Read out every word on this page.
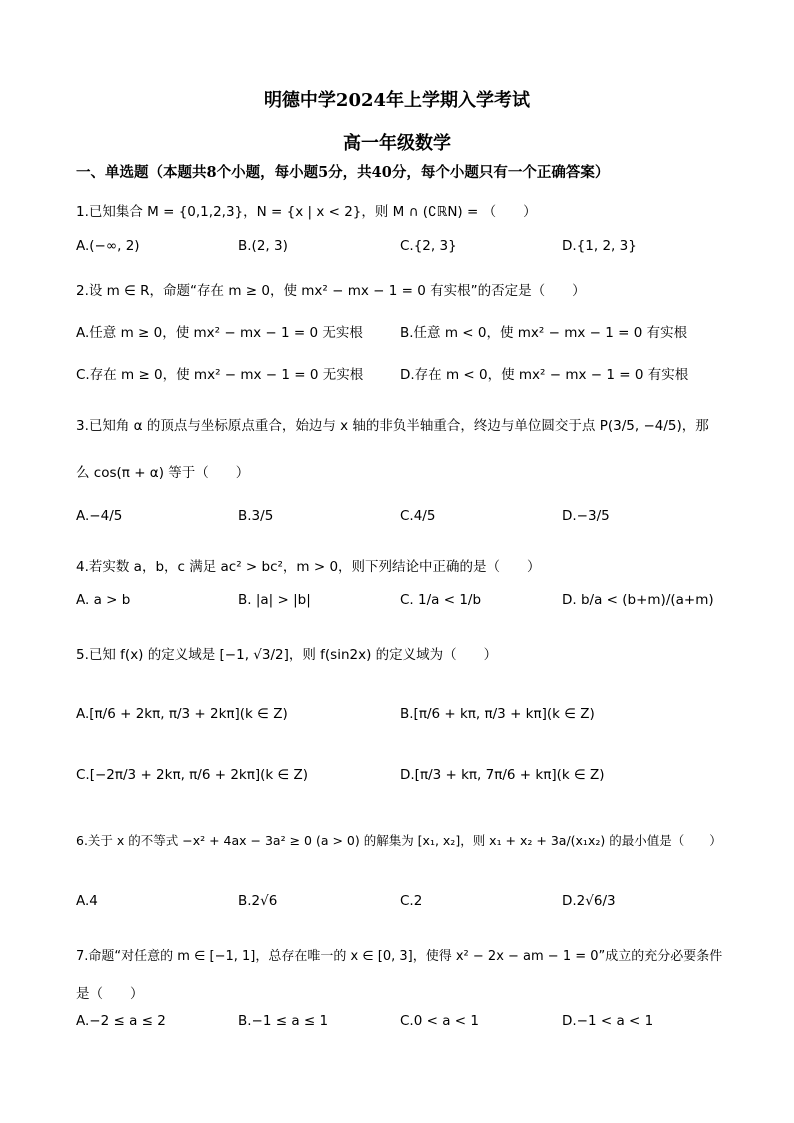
明德中学2024年上学期入学考试
高一年级数学
一、单选题（本题共8个小题，每小题5分，共40分，每个小题只有一个正确答案）
1.已知集合 M = {0,1,2,3}，N = {x | x < 2}，则 M ∩ (∁ℝN) = （　　）
A.(−∞, 2)	B.(2, 3)	C.{2, 3}	D.{1, 2, 3}
2.设 m ∈ R，命题“存在 m ≥ 0，使 mx² − mx − 1 = 0 有实根”的否定是（　　）
A.任意 m ≥ 0，使 mx² − mx − 1 = 0 无实根	B.任意 m < 0，使 mx² − mx − 1 = 0 有实根
C.存在 m ≥ 0，使 mx² − mx − 1 = 0 无实根	D.存在 m < 0，使 mx² − mx − 1 = 0 有实根
3.已知角 α 的顶点与坐标原点重合，始边与 x 轴的非负半轴重合，终边与单位圆交于点 P(3/5, −4/5)，那
么 cos(π + α) 等于（　　）
A.−4/5	B.3/5	C.4/5	D.−3/5
4.若实数 a，b，c 满足 ac² > bc²，m > 0，则下列结论中正确的是（　　）
A. a > b	B. |a| > |b|	C. 1/a < 1/b	D. b/a < (b+m)/(a+m)
5.已知 f(x) 的定义域是 [−1, √3/2]，则 f(sin2x) 的定义域为（　　）
A.[π/6 + 2kπ, π/3 + 2kπ](k ∈ Z)	B.[π/6 + kπ, π/3 + kπ](k ∈ Z)
C.[−2π/3 + 2kπ, π/6 + 2kπ](k ∈ Z)	D.[π/3 + kπ, 7π/6 + kπ](k ∈ Z)
6.关于 x 的不等式 −x² + 4ax − 3a² ≥ 0 (a > 0) 的解集为 [x₁, x₂]，则 x₁ + x₂ + 3a/(x₁x₂) 的最小值是（　　）
A.4	B.2√6	C.2	D.2√6/3
7.命题“对任意的 m ∈ [−1, 1]，总存在唯一的 x ∈ [0, 3]，使得 x² − 2x − am − 1 = 0”成立的充分必要条件
是（　　）
A.−2 ≤ a ≤ 2	B.−1 ≤ a ≤ 1	C.0 < a < 1	D.−1 < a < 1
